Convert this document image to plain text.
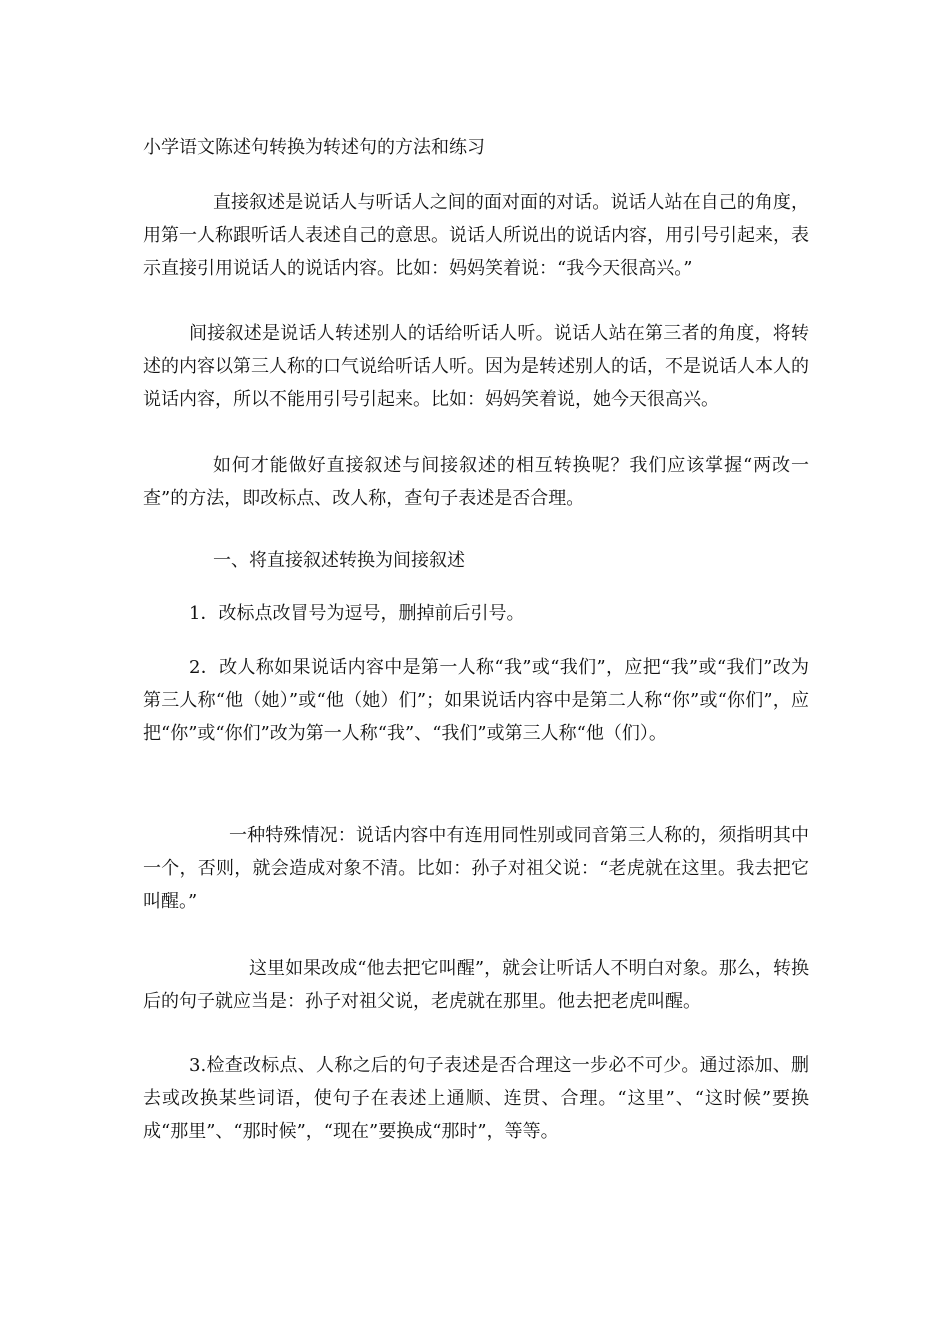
小学语文陈述句转换为转述句的方法和练习

直接叙述是说话人与听话人之间的面对面的对话。说话人站在自己的角度，用第一人称跟听话人表述自己的意思。说话人所说出的说话内容，用引号引起来，表示直接引用说话人的说话内容。比如：妈妈笑着说：“我今天很高兴。”

间接叙述是说话人转述别人的话给听话人听。说话人站在第三者的角度，将转述的内容以第三人称的口气说给听话人听。因为是转述别人的话，不是说话人本人的说话内容，所以不能用引号引起来。比如：妈妈笑着说，她今天很高兴。

如何才能做好直接叙述与间接叙述的相互转换呢？我们应该掌握“两改一查”的方法，即改标点、改人称，查句子表述是否合理。

一、将直接叙述转换为间接叙述

1．改标点改冒号为逗号，删掉前后引号。

2．改人称如果说话内容中是第一人称“我”或“我们”，应把“我”或“我们”改为第三人称“他（她）”或“他（她）们”；如果说话内容中是第二人称“你”或“你们”，应把“你”或“你们”改为第一人称“我”、“我们”或第三人称“他（们）。

一种特殊情况：说话内容中有连用同性别或同音第三人称的，须指明其中一个，否则，就会造成对象不清。比如：孙子对祖父说：“老虎就在这里。我去把它叫醒。”

这里如果改成“他去把它叫醒”，就会让听话人不明白对象。那么，转换后的句子就应当是：孙子对祖父说，老虎就在那里。他去把老虎叫醒。

3.检查改标点、人称之后的句子表述是否合理这一步必不可少。通过添加、删去或改换某些词语，使句子在表述上通顺、连贯、合理。“这里”、“这时候”要换成“那里”、“那时候”，“现在”要换成“那时”，等等。
